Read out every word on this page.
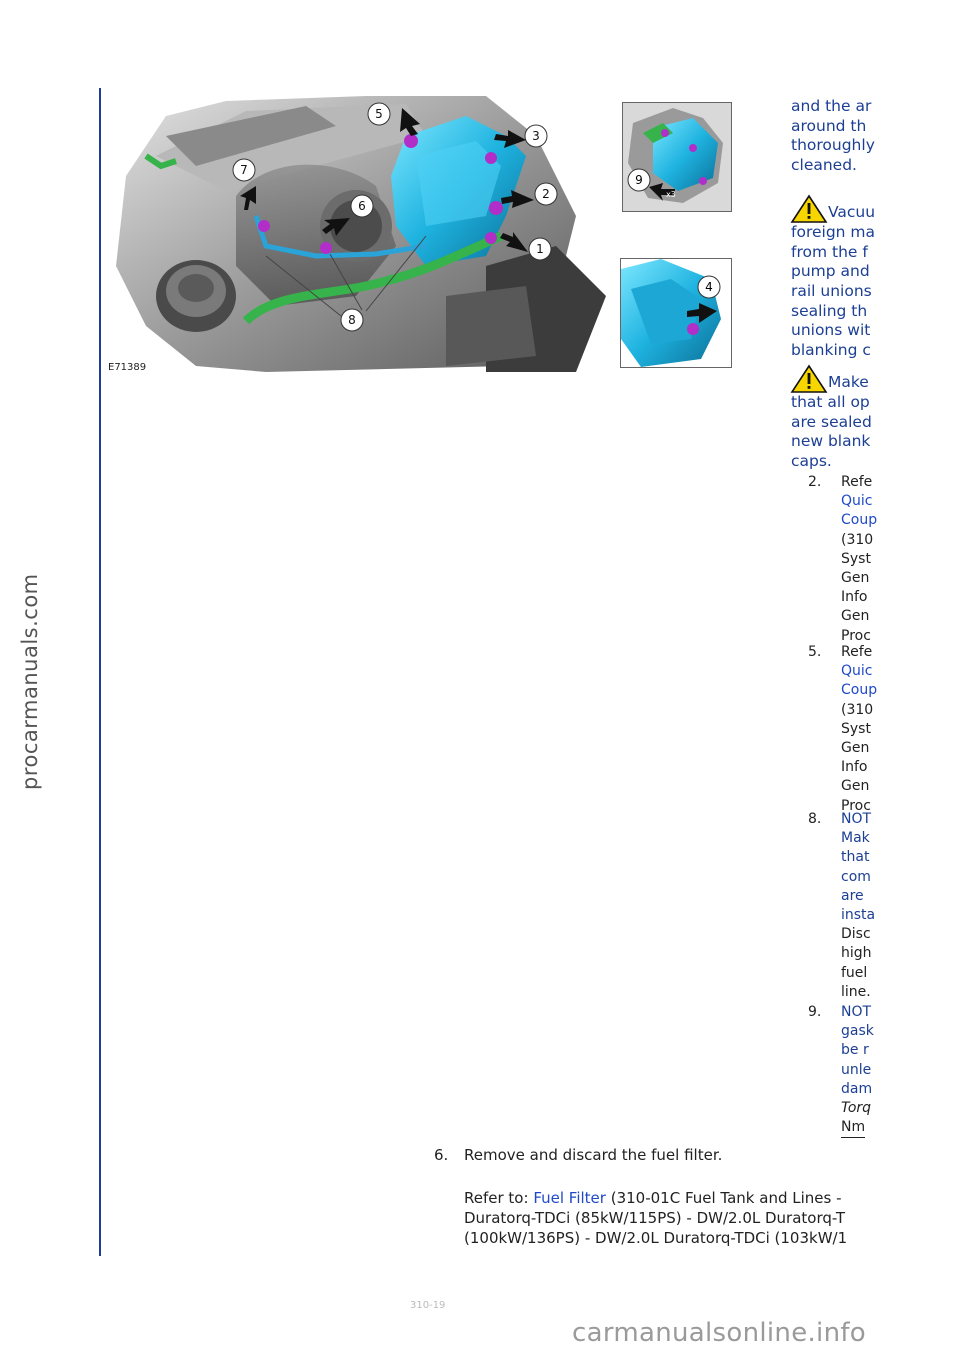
procarmanuals.com
5
3
7
2
6
1
8
E71389
9
x3
4
and the ar
around th
thoroughly
cleaned.
Vacuu
foreign ma
from the f
pump and
rail unions
sealing th
unions wit
blanking c
Make
that all op
are sealed
new blank
caps.
2. Refe
Quic
Coup
(310
Syst
Gen
Info
Gen
Proc
5. Refe
Quic
Coup
(310
Syst
Gen
Info
Gen
Proc
8. NOT
Mak
that
com
are
insta
Disc
high
fuel
line.
9. NOT
gask
be r
unle
dam
Torq
Nm
6. Remove and discard the fuel filter.
Refer to: Fuel Filter (310-01C Fuel Tank and Lines -
Duratorq-TDCi (85kW/115PS) - DW/2.0L Duratorq-T
(100kW/136PS) - DW/2.0L Duratorq-TDCi (103kW/1
310-19
carmanualsonline.info
